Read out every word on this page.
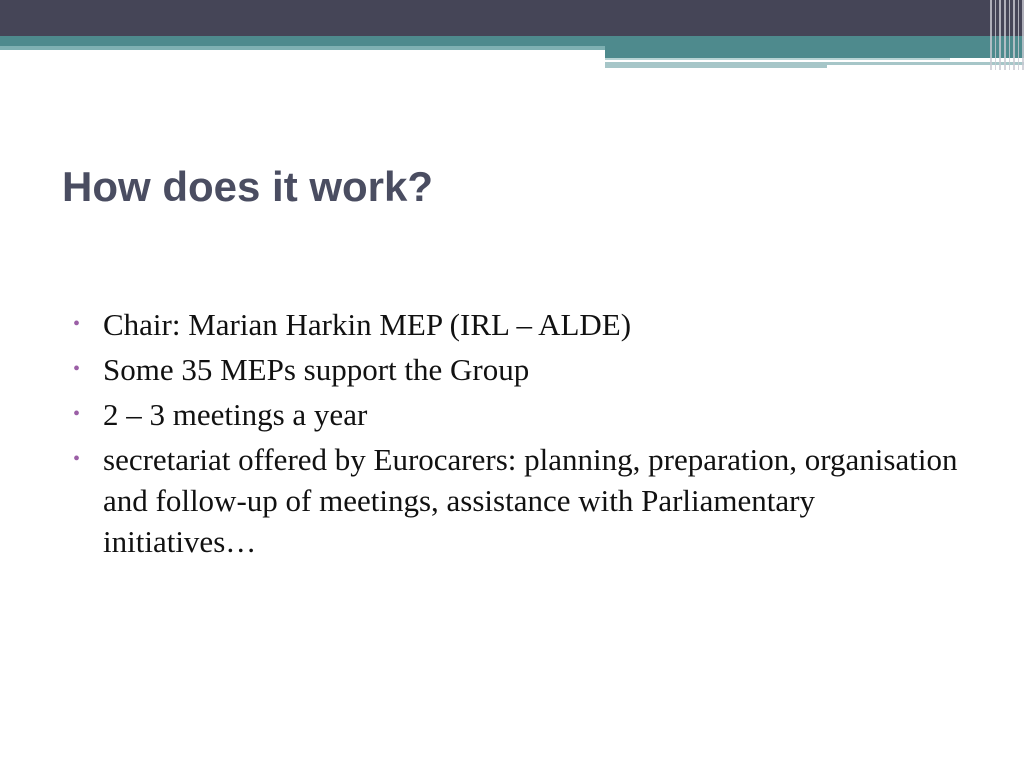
How does it work?
• Chair: Marian Harkin MEP (IRL – ALDE)
• Some 35 MEPs support the Group
• 2 – 3 meetings a year
• secretariat offered by Eurocarers: planning, preparation, organisation and follow-up of meetings, assistance with Parliamentary initiatives…
